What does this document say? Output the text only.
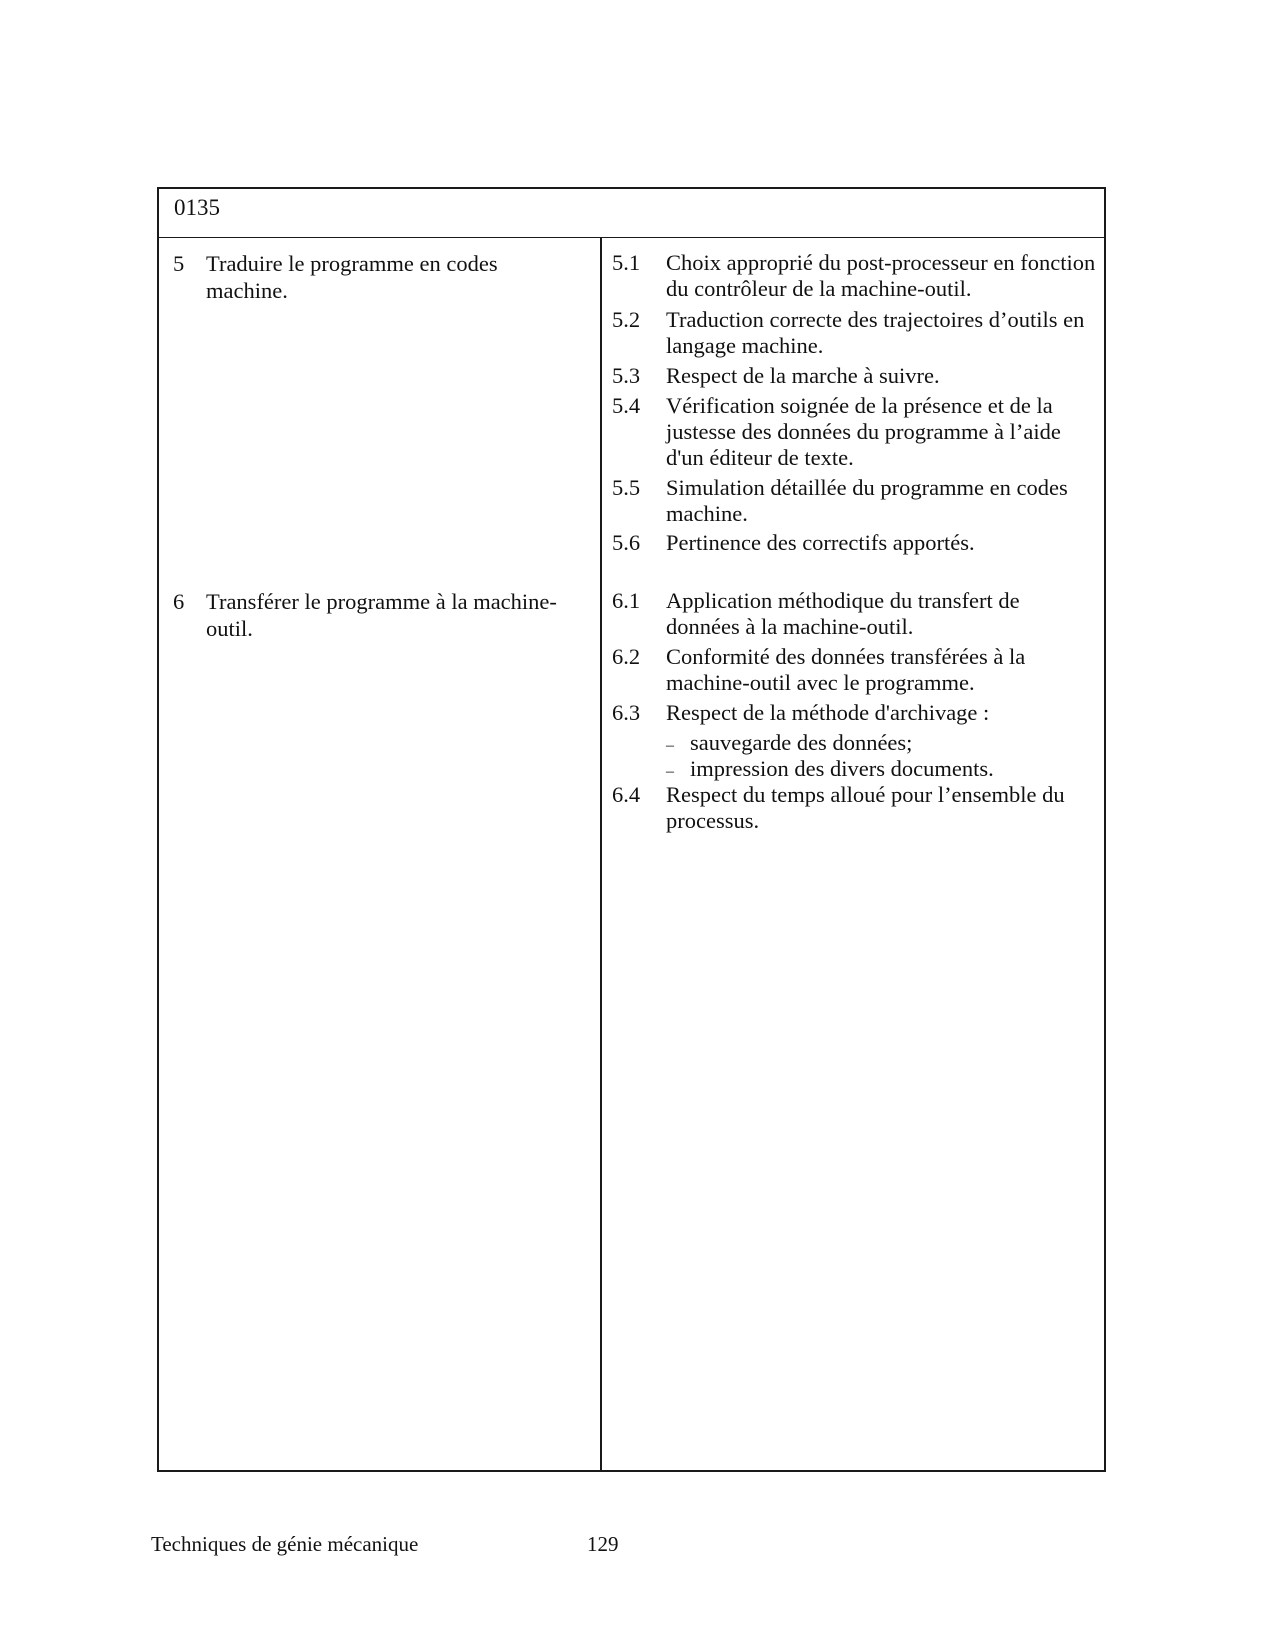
0135
5 Traduire le programme en codes machine.
6 Transférer le programme à la machine-outil.
5.1 Choix approprié du post-processeur en fonction du contrôleur de la machine-outil.
5.2 Traduction correcte des trajectoires d’outils en langage machine.
5.3 Respect de la marche à suivre.
5.4 Vérification soignée de la présence et de la justesse des données du programme à l’aide d'un éditeur de texte.
5.5 Simulation détaillée du programme en codes machine.
5.6 Pertinence des correctifs apportés.
6.1 Application méthodique du transfert de données à la machine-outil.
6.2 Conformité des données transférées à la machine-outil avec le programme.
6.3 Respect de la méthode d'archivage :
– sauvegarde des données;
– impression des divers documents.
6.4 Respect du temps alloué pour l’ensemble du processus.
Techniques de génie mécanique	129
